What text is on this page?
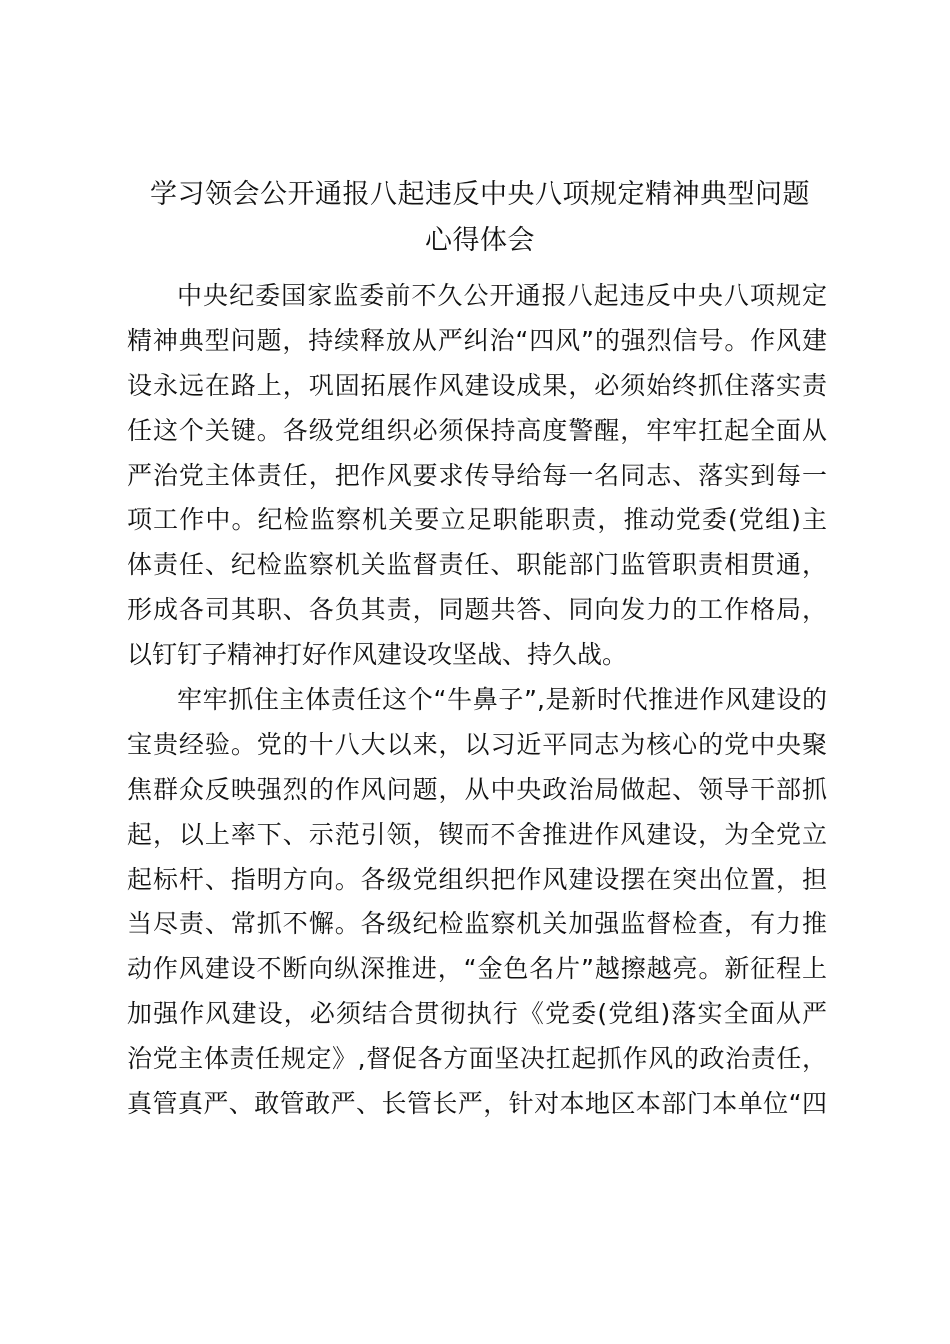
学习领会公开通报八起违反中央八项规定精神典型问题
心得体会
中央纪委国家监委前不久公开通报八起违反中央八项规定
精神典型问题，持续释放从严纠治“四风”的强烈信号。作风建
设永远在路上，巩固拓展作风建设成果，必须始终抓住落实责
任这个关键。各级党组织必须保持高度警醒，牢牢扛起全面从
严治党主体责任，把作风要求传导给每一名同志、落实到每一
项工作中。纪检监察机关要立足职能职责，推动党委(党组)主
体责任、纪检监察机关监督责任、职能部门监管职责相贯通，
形成各司其职、各负其责，同题共答、同向发力的工作格局，
以钉钉子精神打好作风建设攻坚战、持久战。
牢牢抓住主体责任这个“牛鼻子”,是新时代推进作风建设的
宝贵经验。党的十八大以来，以习近平同志为核心的党中央聚
焦群众反映强烈的作风问题，从中央政治局做起、领导干部抓
起，以上率下、示范引领，锲而不舍推进作风建设，为全党立
起标杆、指明方向。各级党组织把作风建设摆在突出位置，担
当尽责、常抓不懈。各级纪检监察机关加强监督检查，有力推
动作风建设不断向纵深推进，“金色名片”越擦越亮。新征程上
加强作风建设，必须结合贯彻执行《党委(党组)落实全面从严
治党主体责任规定》,督促各方面坚决扛起抓作风的政治责任，
真管真严、敢管敢严、长管长严，针对本地区本部门本单位“四
